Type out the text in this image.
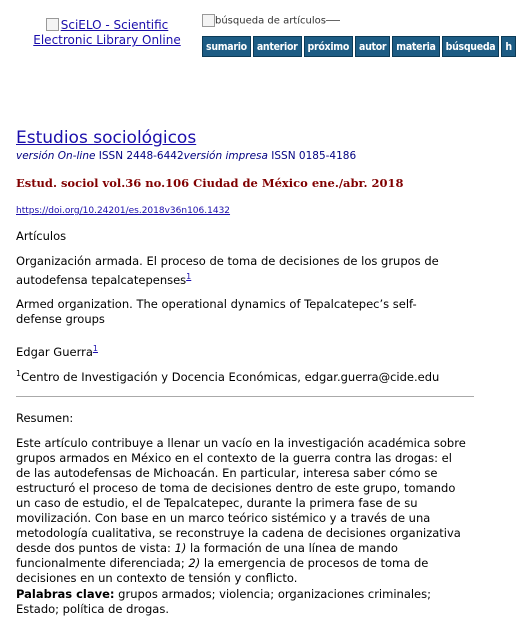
SciELO - Scientific Electronic Library Online
búsqueda de artículos
sumario anterior próximo autor materia búsqueda h
Estudios sociológicos
versión On-line ISSN 2448-6442versión impresa ISSN 0185-4186
Estud. sociol vol.36 no.106 Ciudad de México ene./abr. 2018
https://doi.org/10.24201/es.2018v36n106.1432
Artículos
Organización armada. El proceso de toma de decisiones de los grupos de autodefensa tepalcatepenses$^1$
Armed organization. The operational dynamics of Tepalcatepec’s self-defense groups
Edgar Guerra$^1$
$^1$Centro de Investigación y Docencia Económicas, edgar.guerra@cide.edu
Resumen:
Este artículo contribuye a llenar un vacío en la investigación académica sobre grupos armados en México en el contexto de la guerra contra las drogas: el de las autodefensas de Michoacán. En particular, interesa saber cómo se estructuró el proceso de toma de decisiones dentro de este grupo, tomando un caso de estudio, el de Tepalcatepec, durante la primera fase de su movilización. Con base en un marco teórico sistémico y a través de una metodología cualitativa, se reconstruye la cadena de decisiones organizativa desde dos puntos de vista: 1) la formación de una línea de mando funcionalmente diferenciada; 2) la emergencia de procesos de toma de decisiones en un contexto de tensión y conflicto.
Palabras clave: grupos armados; violencia; organizaciones criminales;
Estado; política de drogas.
